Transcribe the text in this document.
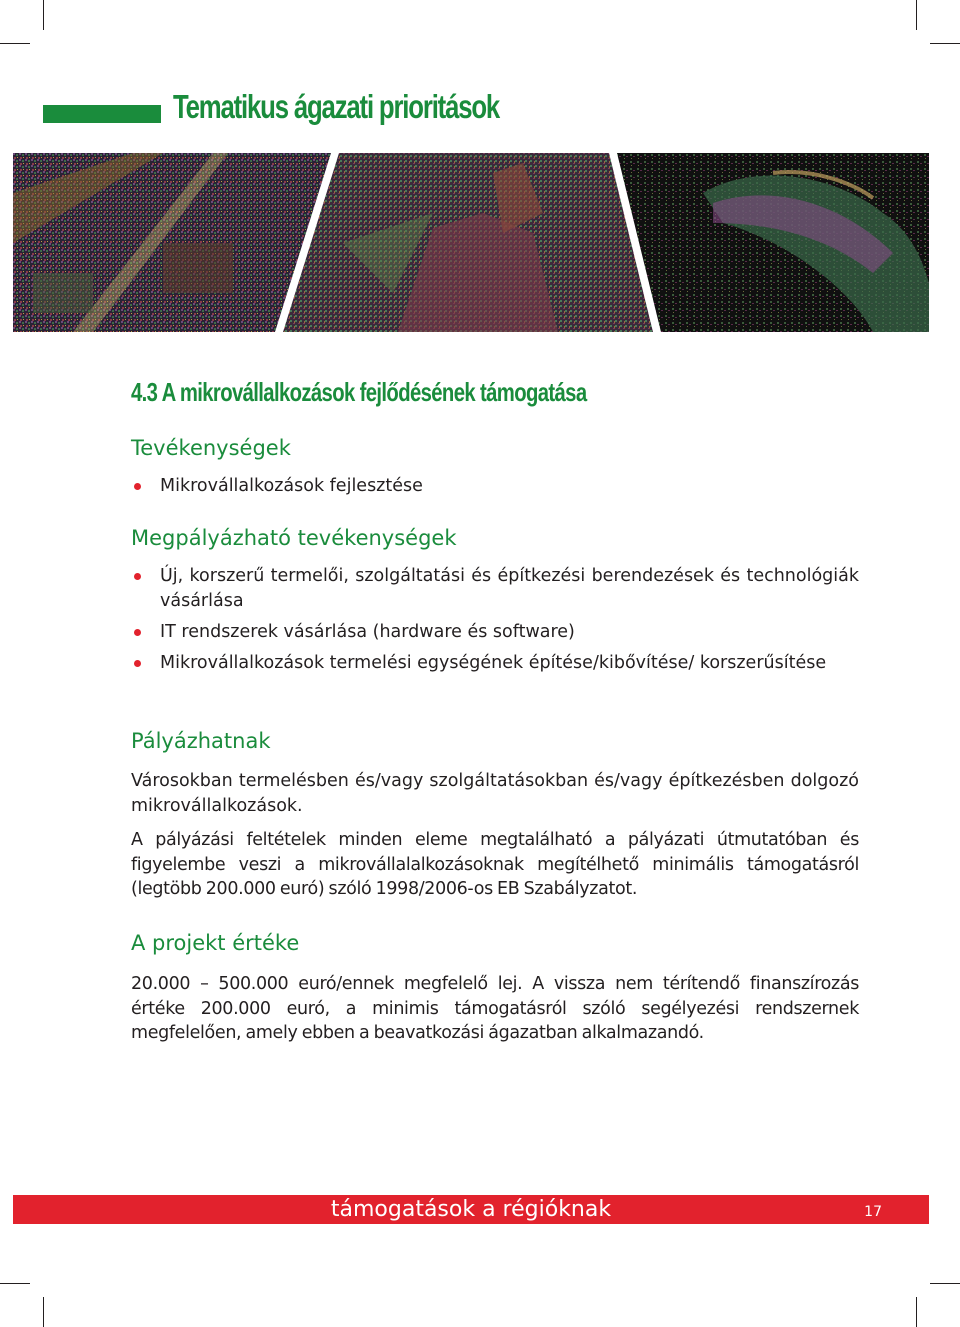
Tematikus ágazati prioritások
4.3 A mikrovállalkozások fejlődésének támogatása
Tevékenységek
Mikrovállalkozások fejlesztése
Megpályázható tevékenységek
Új, korszerű termelői, szolgáltatási és építkezési berendezések és technológiák vásárlása
IT rendszerek vásárlása (hardware és software)
Mikrovállalkozások termelési egységének építése/kibővítése/ korszerűsítése
Pályázhatnak

Városokban termelésben és/vagy szolgáltatásokban és/vagy építkezésben dolgozó mikrovállalkozások.

A pályázási feltételek minden eleme megtalálható a pályázati útmutatóban és figyelembe veszi a mikrovállalalkozásoknak megítélhető minimális támogatásról (legtöbb 200.000 euró) szóló 1998/2006-os EB Szabályzatot.

A projekt értéke

20.000 – 500.000 euró/ennek megfelelő lej. A vissza nem térítendő finanszírozás értéke 200.000 euró, a minimis támogatásról szóló segélyezési rendszernek megfelelően, amely ebben a beavatkozási ágazatban alkalmazandó.

támogatások a régióknak	17
